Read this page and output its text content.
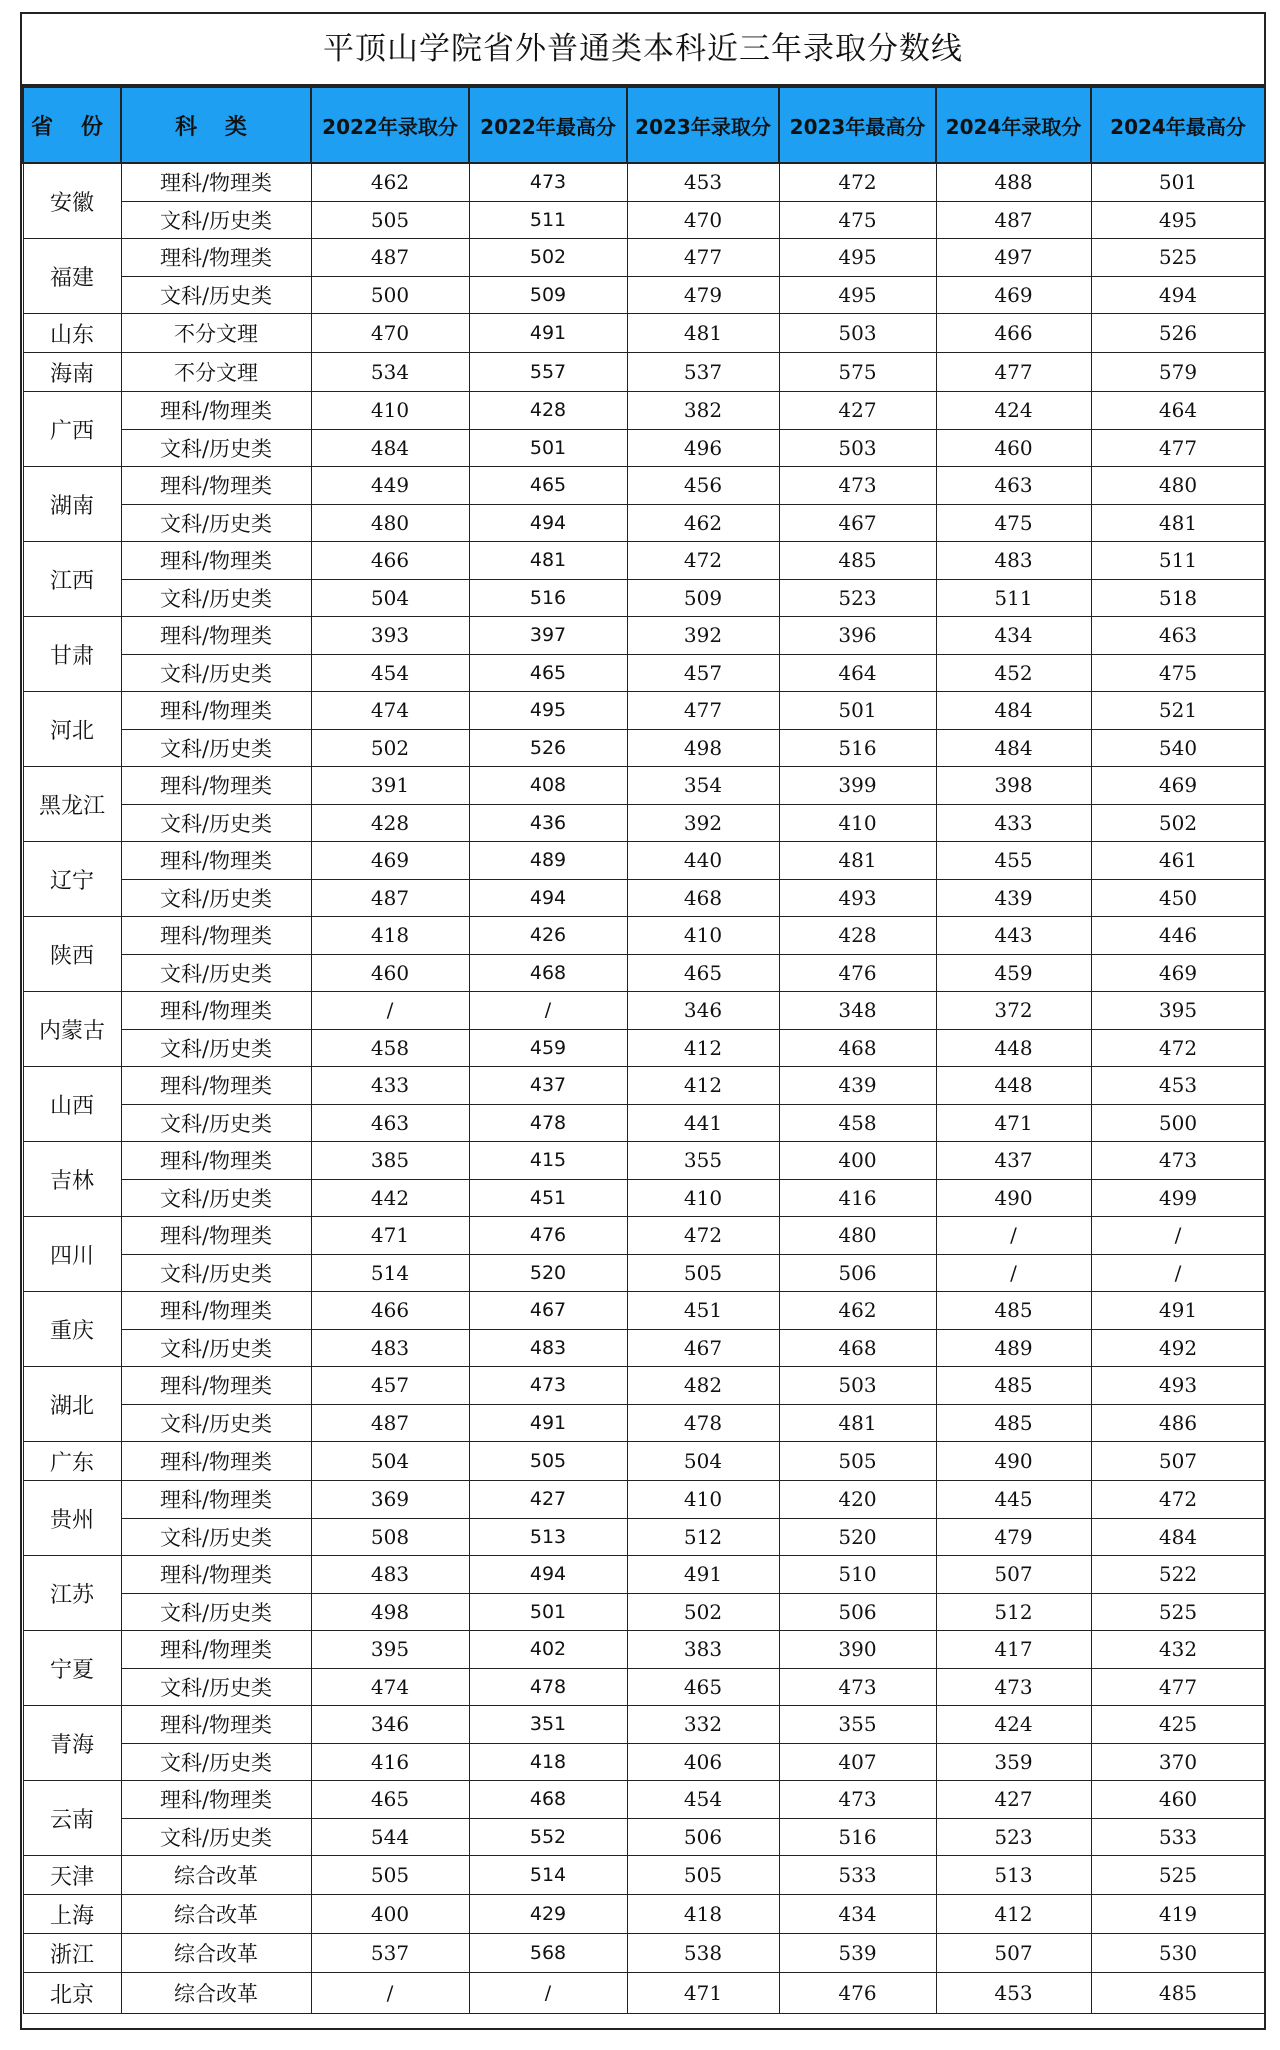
平顶山学院省外普通类本科近三年录取分数线
省 份	科 类	2022年录取分	2022年最高分	2023年录取分	2023年最高分	2024年录取分	2024年最高分
安徽	理科/物理类	462	473	453	472	488	501
	文科/历史类	505	511	470	475	487	495
福建	理科/物理类	487	502	477	495	497	525
	文科/历史类	500	509	479	495	469	494
山东	不分文理	470	491	481	503	466	526
海南	不分文理	534	557	537	575	477	579
广西	理科/物理类	410	428	382	427	424	464
	文科/历史类	484	501	496	503	460	477
湖南	理科/物理类	449	465	456	473	463	480
	文科/历史类	480	494	462	467	475	481
江西	理科/物理类	466	481	472	485	483	511
	文科/历史类	504	516	509	523	511	518
甘肃	理科/物理类	393	397	392	396	434	463
	文科/历史类	454	465	457	464	452	475
河北	理科/物理类	474	495	477	501	484	521
	文科/历史类	502	526	498	516	484	540
黑龙江	理科/物理类	391	408	354	399	398	469
	文科/历史类	428	436	392	410	433	502
辽宁	理科/物理类	469	489	440	481	455	461
	文科/历史类	487	494	468	493	439	450
陕西	理科/物理类	418	426	410	428	443	446
	文科/历史类	460	468	465	476	459	469
内蒙古	理科/物理类	/	/	346	348	372	395
	文科/历史类	458	459	412	468	448	472
山西	理科/物理类	433	437	412	439	448	453
	文科/历史类	463	478	441	458	471	500
吉林	理科/物理类	385	415	355	400	437	473
	文科/历史类	442	451	410	416	490	499
四川	理科/物理类	471	476	472	480	/	/
	文科/历史类	514	520	505	506	/	/
重庆	理科/物理类	466	467	451	462	485	491
	文科/历史类	483	483	467	468	489	492
湖北	理科/物理类	457	473	482	503	485	493
	文科/历史类	487	491	478	481	485	486
广东	理科/物理类	504	505	504	505	490	507
贵州	理科/物理类	369	427	410	420	445	472
	文科/历史类	508	513	512	520	479	484
江苏	理科/物理类	483	494	491	510	507	522
	文科/历史类	498	501	502	506	512	525
宁夏	理科/物理类	395	402	383	390	417	432
	文科/历史类	474	478	465	473	473	477
青海	理科/物理类	346	351	332	355	424	425
	文科/历史类	416	418	406	407	359	370
云南	理科/物理类	465	468	454	473	427	460
	文科/历史类	544	552	506	516	523	533
天津	综合改革	505	514	505	533	513	525
上海	综合改革	400	429	418	434	412	419
浙江	综合改革	537	568	538	539	507	530
北京	综合改革	/	/	471	476	453	485
